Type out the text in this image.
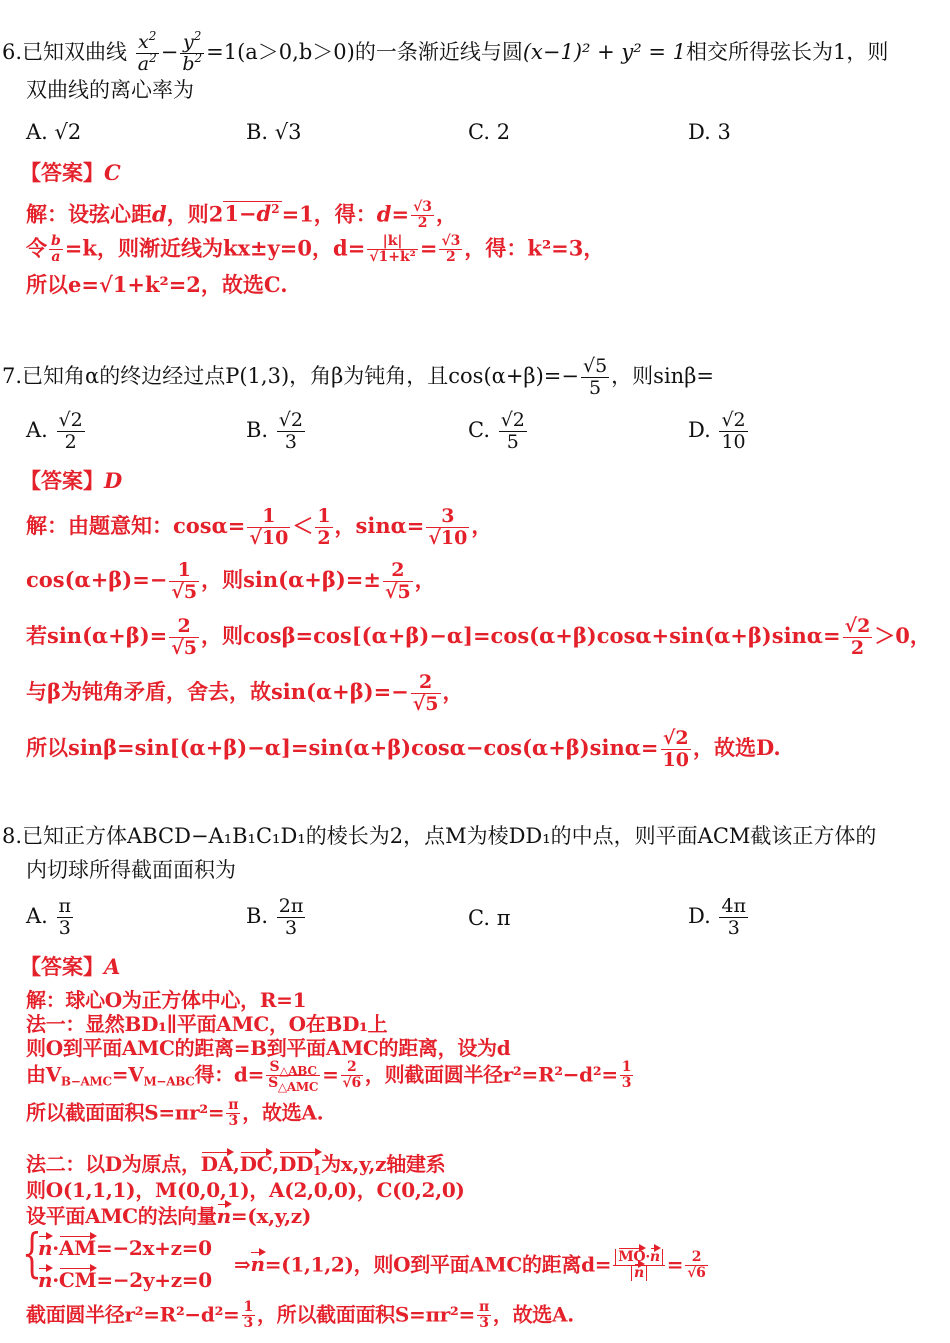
6.已知双曲线 $\frac{x^2}{a^2} - \frac{y^2}{b^2} =1(a>0,b>0)$的一条渐近线与圆(x−1)² + y² = 1相交所得弦长为1，则
双曲线的离心率为
A. √2	B. √3	C. 2	D. 3
【答案】C
解：设弦心距d，则$21-d^2=1$，得：$d= \frac{√3}{2}$ ，
令 $\frac{b}{a} =k$，则渐近线为kx±y=0，$d= \frac{|k|}{\text{√1+k²}} = \frac{√3}{2}$ ，得：k²=3，
所以e=√1+k²=2，故选C.
7.已知角α的终边经过点P(1,3)，角β为钝角，且$\cos(\alpha+\beta)=- \frac{√5}{5}$ ，则sinβ=
A. $\frac{√2}{2}$	B. $\frac{√2}{3}$	C. $\frac{√2}{5}$	D. $\frac{√2}{10}$
【答案】D
解：由题意知：$\cos\alpha= \frac{1}{√10} < \frac{1}{2}$ ，$\sin\alpha= \frac{3}{√10}$ ，
$\cos(\alpha+\beta)=- \frac{1}{√5}$ ，则$\sin(\alpha+\beta)=\pm \frac{2}{√5}$ ，
若$\sin(\alpha+\beta)= \frac{2}{√5}$ ，则$\cos\beta=\cos[(\alpha+\beta)-\alpha]=\cos(\alpha+\beta)\cos\alpha+\sin(\alpha+\beta)\sin\alpha= \frac{√2}{2} >0$，
与β为钝角矛盾，舍去，故$\sin(\alpha+\beta)=- \frac{2}{√5}$ ，
所以$\sin\beta=\sin[(\alpha+\beta)-\alpha]=\sin(\alpha+\beta)\cos\alpha-\cos(\alpha+\beta)\sin\alpha= \frac{√2}{10}$ ，故选D.
8.已知正方体ABCD−A₁B₁C₁D₁的棱长为2，点M为棱DD₁的中点，则平面ACM截该正方体的
内切球所得截面面积为
A. $\frac{\pi}{3}$	B. $\frac{2\pi}{3}$	C. π	D. $\frac{4\pi}{3}$
【答案】A
解：球心O为正方体中心，R=1
法一：显然BD₁∥平面AMC，O在BD₁上
则O到平面AMC的距离=B到平面AMC的距离，设为d
由$V_{B-AMC}=V_{M-ABC}$得：$d= S_{\triangle ABC}$
$S_{\triangle AMC}$
= $\frac{2}{√6}$ ，则截面圆半径$r^2=R^2-d^2= \frac{1}{3}$
所以截面面积$S=\pi r^2= \frac{\pi}{3}$ ，故选A.
法二：以D为原点，$DA,DC,DD_1$为x,y,z轴建系
则O(1,1,1)，M(0,0,1)，A(2,0,0)，C(0,2,0)
设平面AMC的法向量n=(x,y,z)
{
n·AM=−2x+z=0
n·CM=−2y+z=0
⇒n=(1,1,2)，则O到平面AMC的距离$d= \frac{MO\cdot n}{n} = \frac{2}{√6}$
截面圆半径$r^2=R^2-d^2= \frac{1}{3}$ ，所以截面面积$S=\pi r^2= \frac{\pi}{3}$ ，故选A.
